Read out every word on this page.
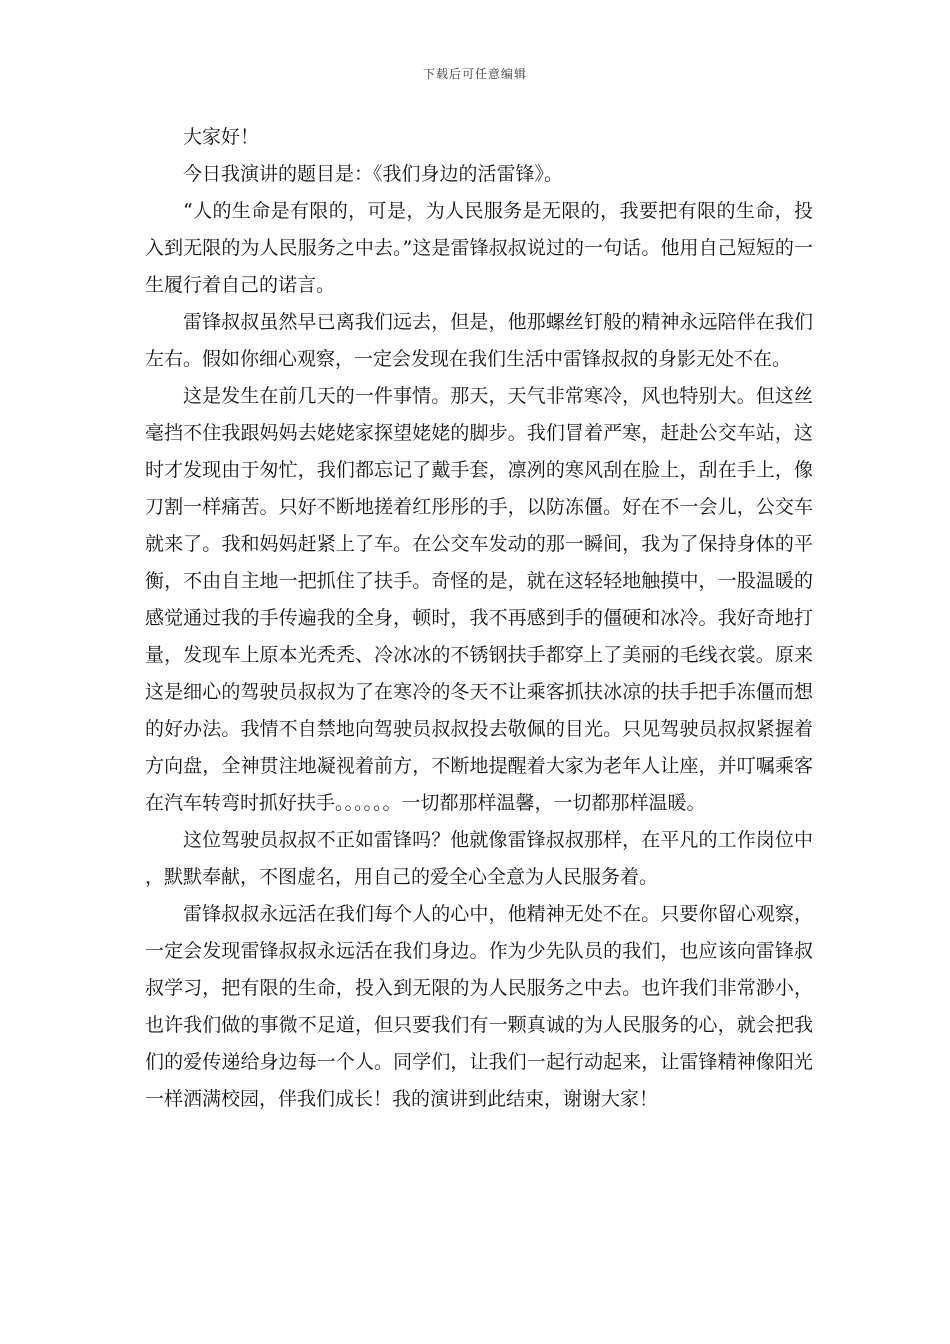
下载后可任意编辑

大家好！

今日我演讲的题目是：《我们身边的活雷锋》。

“人的生命是有限的，可是，为人民服务是无限的，我要把有限的生命，投入到无限的为人民服务之中去。”这是雷锋叔叔说过的一句话。他用自己短短的一生履行着自己的诺言。

雷锋叔叔虽然早已离我们远去，但是，他那螺丝钉般的精神永远陪伴在我们左右。假如你细心观察，一定会发现在我们生活中雷锋叔叔的身影无处不在。

这是发生在前几天的一件事情。那天，天气非常寒冷，风也特别大。但这丝毫挡不住我跟妈妈去姥姥家探望姥姥的脚步。我们冒着严寒，赶赴公交车站，这时才发现由于匆忙，我们都忘记了戴手套，凛冽的寒风刮在脸上，刮在手上，像刀割一样痛苦。只好不断地搓着红彤彤的手，以防冻僵。好在不一会儿，公交车就来了。我和妈妈赶紧上了车。在公交车发动的那一瞬间，我为了保持身体的平衡，不由自主地一把抓住了扶手。奇怪的是，就在这轻轻地触摸中，一股温暖的感觉通过我的手传遍我的全身，顿时，我不再感到手的僵硬和冰冷。我好奇地打量，发现车上原本光秃秃、冷冰冰的不锈钢扶手都穿上了美丽的毛线衣裳。原来这是细心的驾驶员叔叔为了在寒冷的冬天不让乘客抓扶冰凉的扶手把手冻僵而想的好办法。我情不自禁地向驾驶员叔叔投去敬佩的目光。只见驾驶员叔叔紧握着方向盘，全神贯注地凝视着前方，不断地提醒着大家为老年人让座，并叮嘱乘客在汽车转弯时抓好扶手。。。。。。一切都那样温馨，一切都那样温暖。

这位驾驶员叔叔不正如雷锋吗？他就像雷锋叔叔那样，在平凡的工作岗位中，默默奉献，不图虚名，用自己的爱全心全意为人民服务着。

雷锋叔叔永远活在我们每个人的心中，他精神无处不在。只要你留心观察，一定会发现雷锋叔叔永远活在我们身边。作为少先队员的我们，也应该向雷锋叔叔学习，把有限的生命，投入到无限的为人民服务之中去。也许我们非常渺小，也许我们做的事微不足道，但只要我们有一颗真诚的为人民服务的心，就会把我们的爱传递给身边每一个人。同学们，让我们一起行动起来，让雷锋精神像阳光一样洒满校园，伴我们成长！我的演讲到此结束，谢谢大家！
